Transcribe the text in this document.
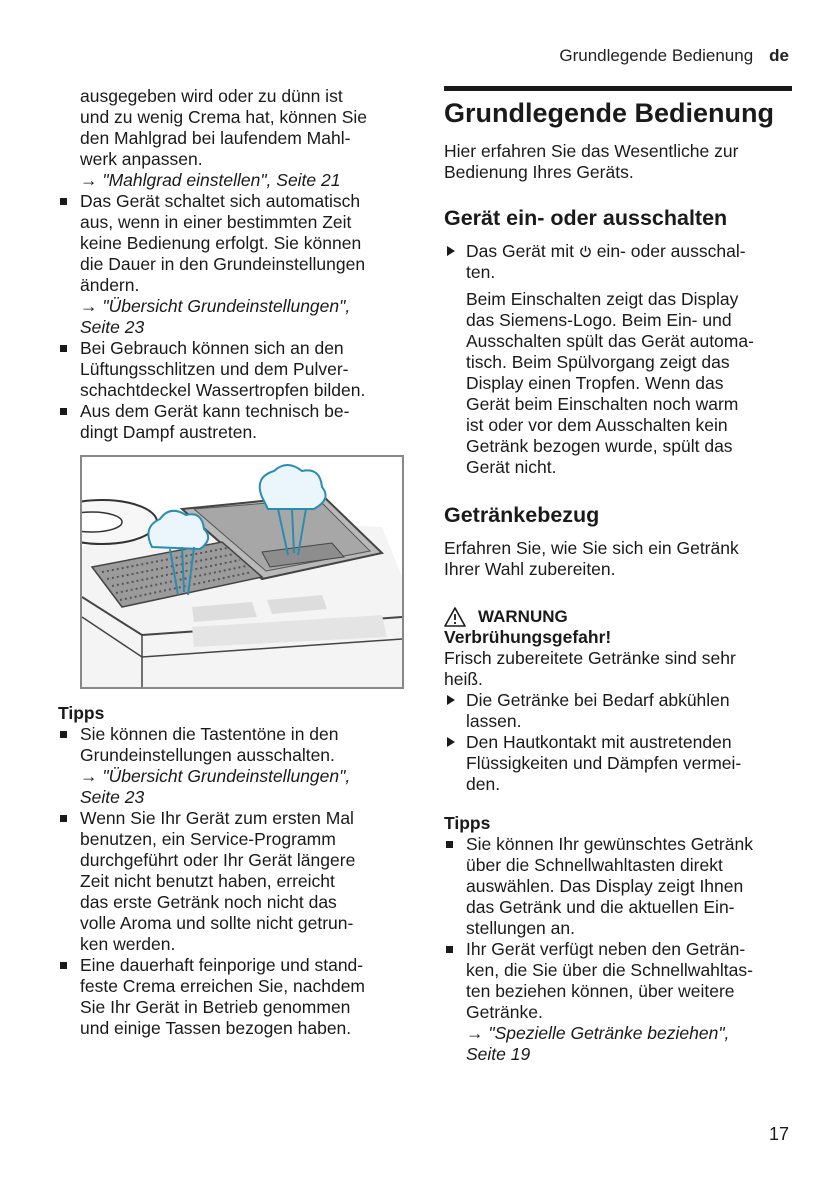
Grundlegende Bedienung de

ausgegeben wird oder zu dünn ist

und zu wenig Crema hat, können Sie

den Mahlgrad bei laufendem Mahl-

werk anpassen.

→ "Mahlgrad einstellen", Seite 21

Das Gerät schaltet sich automatisch

aus, wenn in einer bestimmten Zeit

keine Bedienung erfolgt. Sie können

die Dauer in den Grundeinstellungen

ändern.

→ "Übersicht Grundeinstellungen",

Seite 23

Bei Gebrauch können sich an den

Lüftungsschlitzen und dem Pulver-

schachtdeckel Wassertropfen bilden.

Aus dem Gerät kann technisch be-

dingt Dampf austreten.

Tipps

Sie können die Tastentöne in den

Grundeinstellungen ausschalten.

→ "Übersicht Grundeinstellungen",

Seite 23

Wenn Sie Ihr Gerät zum ersten Mal

benutzen, ein Service-Programm

durchgeführt oder Ihr Gerät längere

Zeit nicht benutzt haben, erreicht

das erste Getränk noch nicht das

volle Aroma und sollte nicht getrun-

ken werden.

Eine dauerhaft feinporige und stand-

feste Crema erreichen Sie, nachdem

Sie Ihr Gerät in Betrieb genommen

und einige Tassen bezogen haben.

Grundlegende Bedienung

Hier erfahren Sie das Wesentliche zur

Bedienung Ihres Geräts.

Gerät ein- oder ausschalten

Das Gerät mit ein- oder ausschal-

ten.

Beim Einschalten zeigt das Display

das Siemens-Logo. Beim Ein- und

Ausschalten spült das Gerät automa-

tisch. Beim Spülvorgang zeigt das

Display einen Tropfen. Wenn das

Gerät beim Einschalten noch warm

ist oder vor dem Ausschalten kein

Getränk bezogen wurde, spült das

Gerät nicht.

Getränkebezug

Erfahren Sie, wie Sie sich ein Getränk

Ihrer Wahl zubereiten.

WARNUNG

Verbrühungsgefahr!

Frisch zubereitete Getränke sind sehr

heiß.

Die Getränke bei Bedarf abkühlen

lassen.

Den Hautkontakt mit austretenden

Flüssigkeiten und Dämpfen vermei-

den.

Tipps

Sie können Ihr gewünschtes Getränk

über die Schnellwahltasten direkt

auswählen. Das Display zeigt Ihnen

das Getränk und die aktuellen Ein-

stellungen an.

Ihr Gerät verfügt neben den Geträn-

ken, die Sie über die Schnellwahltas-

ten beziehen können, über weitere

Getränke.

→ "Spezielle Getränke beziehen",

Seite 19

17
